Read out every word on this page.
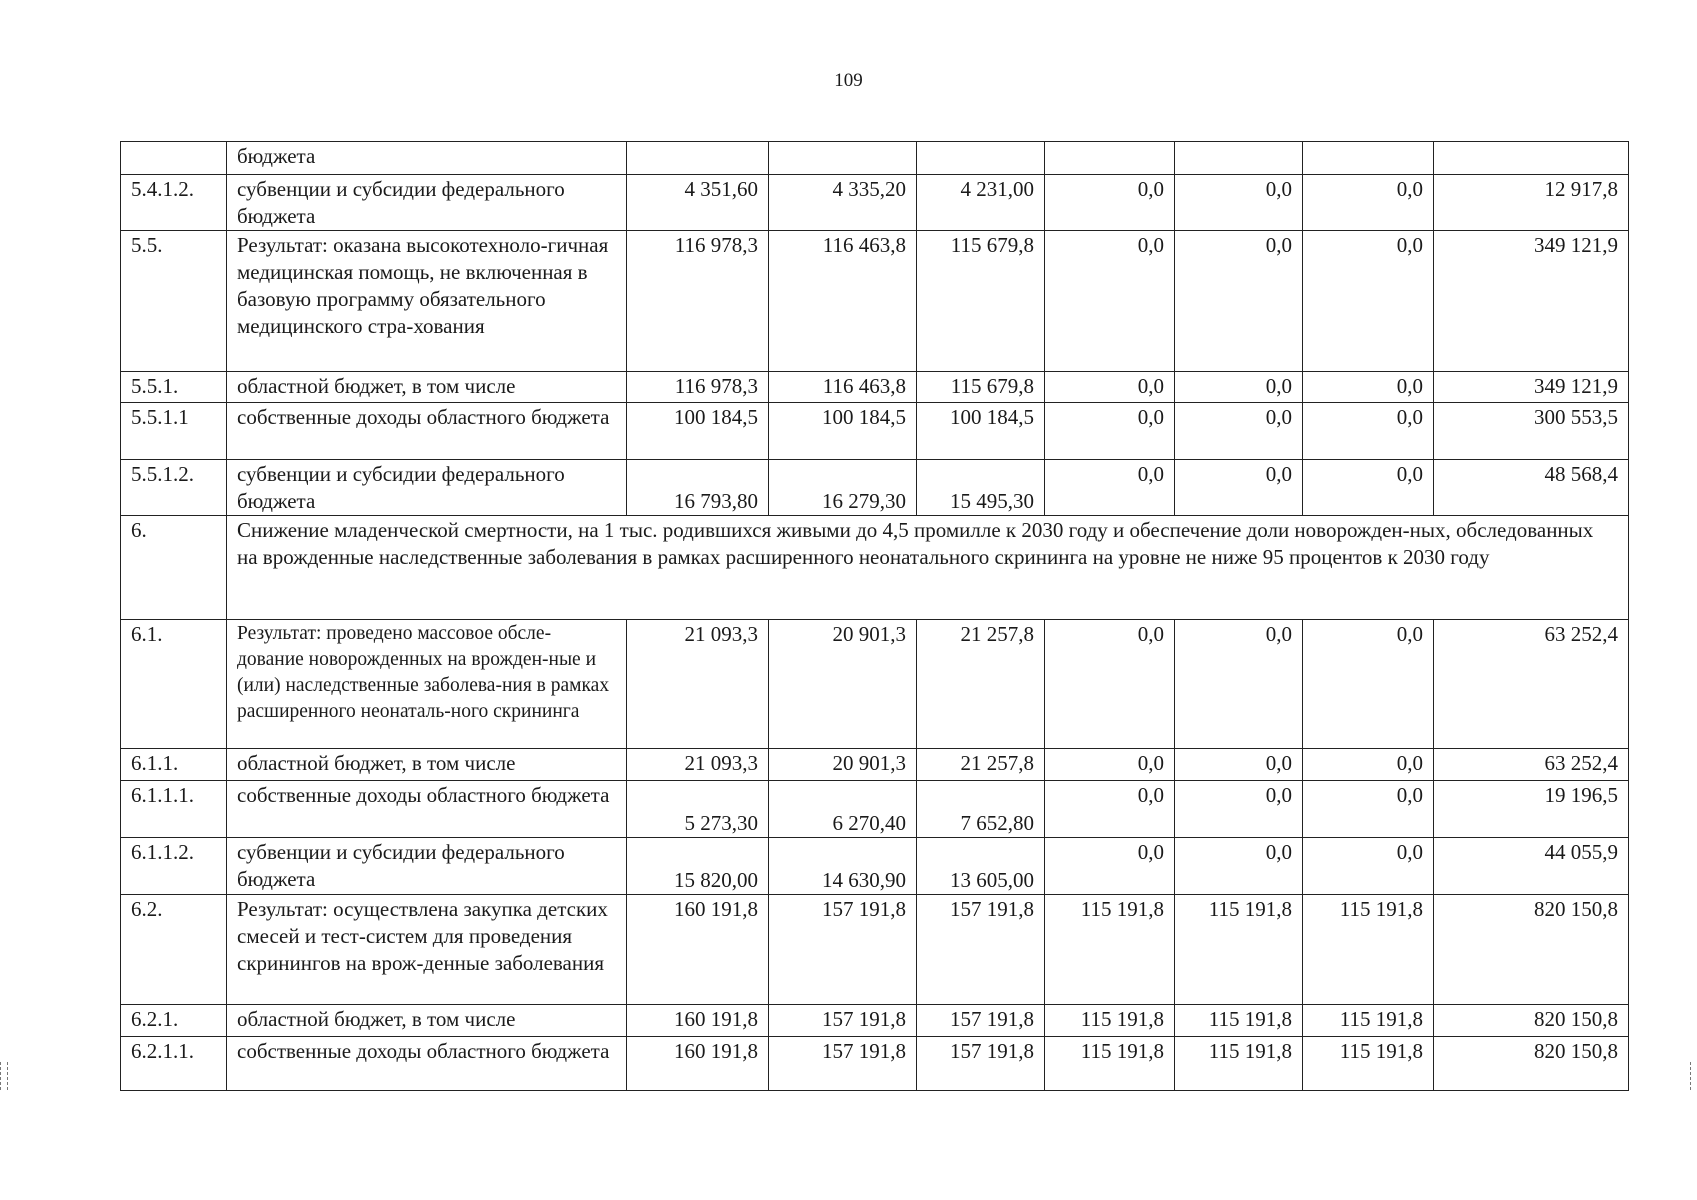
109
	бюджета							
5.4.1.2.	субвенции и субсидии федерального бюджета	4 351,60	4 335,20	4 231,00	0,0	0,0	0,0	12 917,8
5.5.	Результат: оказана высокотехноло-гичная медицинская помощь, не включенная в базовую программу обязательного медицинского стра-хования	116 978,3	116 463,8	115 679,8	0,0	0,0	0,0	349 121,9
5.5.1.	областной бюджет, в том числе	116 978,3	116 463,8	115 679,8	0,0	0,0	0,0	349 121,9
5.5.1.1	собственные доходы областного бюджета	100 184,5	100 184,5	100 184,5	0,0	0,0	0,0	300 553,5
5.5.1.2.	субвенции и субсидии федерального бюджета	16 793,80	16 279,30	15 495,30	0,0	0,0	0,0	48 568,4
6.	Снижение младенческой смертности, на 1 тыс. родившихся живыми до 4,5 промилле к 2030 году и обеспечение доли новорожден-ных, обследованных на врожденные наследственные заболевания в рамках расширенного неонатального скрининга на уровне не ниже 95 процентов к 2030 году							
6.1.	Результат: проведено массовое обсле-дование новорожденных на врожден-ные и (или) наследственные заболева-ния в рамках расширенного неонаталь-ного скрининга	21 093,3	20 901,3	21 257,8	0,0	0,0	0,0	63 252,4
6.1.1.	областной бюджет, в том числе	21 093,3	20 901,3	21 257,8	0,0	0,0	0,0	63 252,4
6.1.1.1.	собственные доходы областного бюджета	5 273,30	6 270,40	7 652,80	0,0	0,0	0,0	19 196,5
6.1.1.2.	субвенции и субсидии федерального бюджета	15 820,00	14 630,90	13 605,00	0,0	0,0	0,0	44 055,9
6.2.	Результат: осуществлена закупка детских смесей и тест-систем для проведения скринингов на врож-денные заболевания	160 191,8	157 191,8	157 191,8	115 191,8	115 191,8	115 191,8	820 150,8
6.2.1.	областной бюджет, в том числе	160 191,8	157 191,8	157 191,8	115 191,8	115 191,8	115 191,8	820 150,8
6.2.1.1.	собственные доходы областного бюджета	160 191,8	157 191,8	157 191,8	115 191,8	115 191,8	115 191,8	820 150,8
